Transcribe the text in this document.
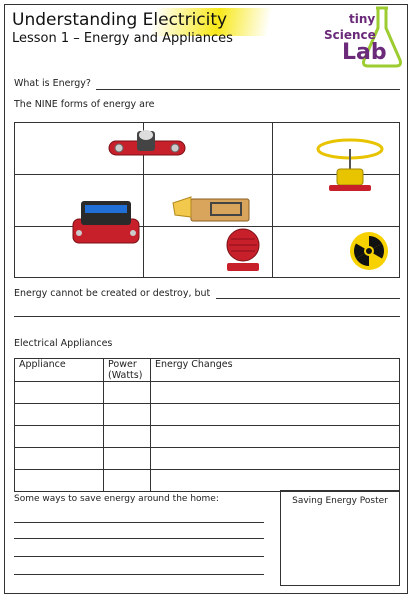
Understanding Electricity
Lesson 1 – Energy and Appliances
tiny
Science
Lab
What is Energy?
The NINE forms of energy are
Energy cannot be created or destroy, but
Electrical Appliances
Appliance	Power (Watts)	Energy Changes

Some ways to save energy around the home:	Saving Energy Poster
